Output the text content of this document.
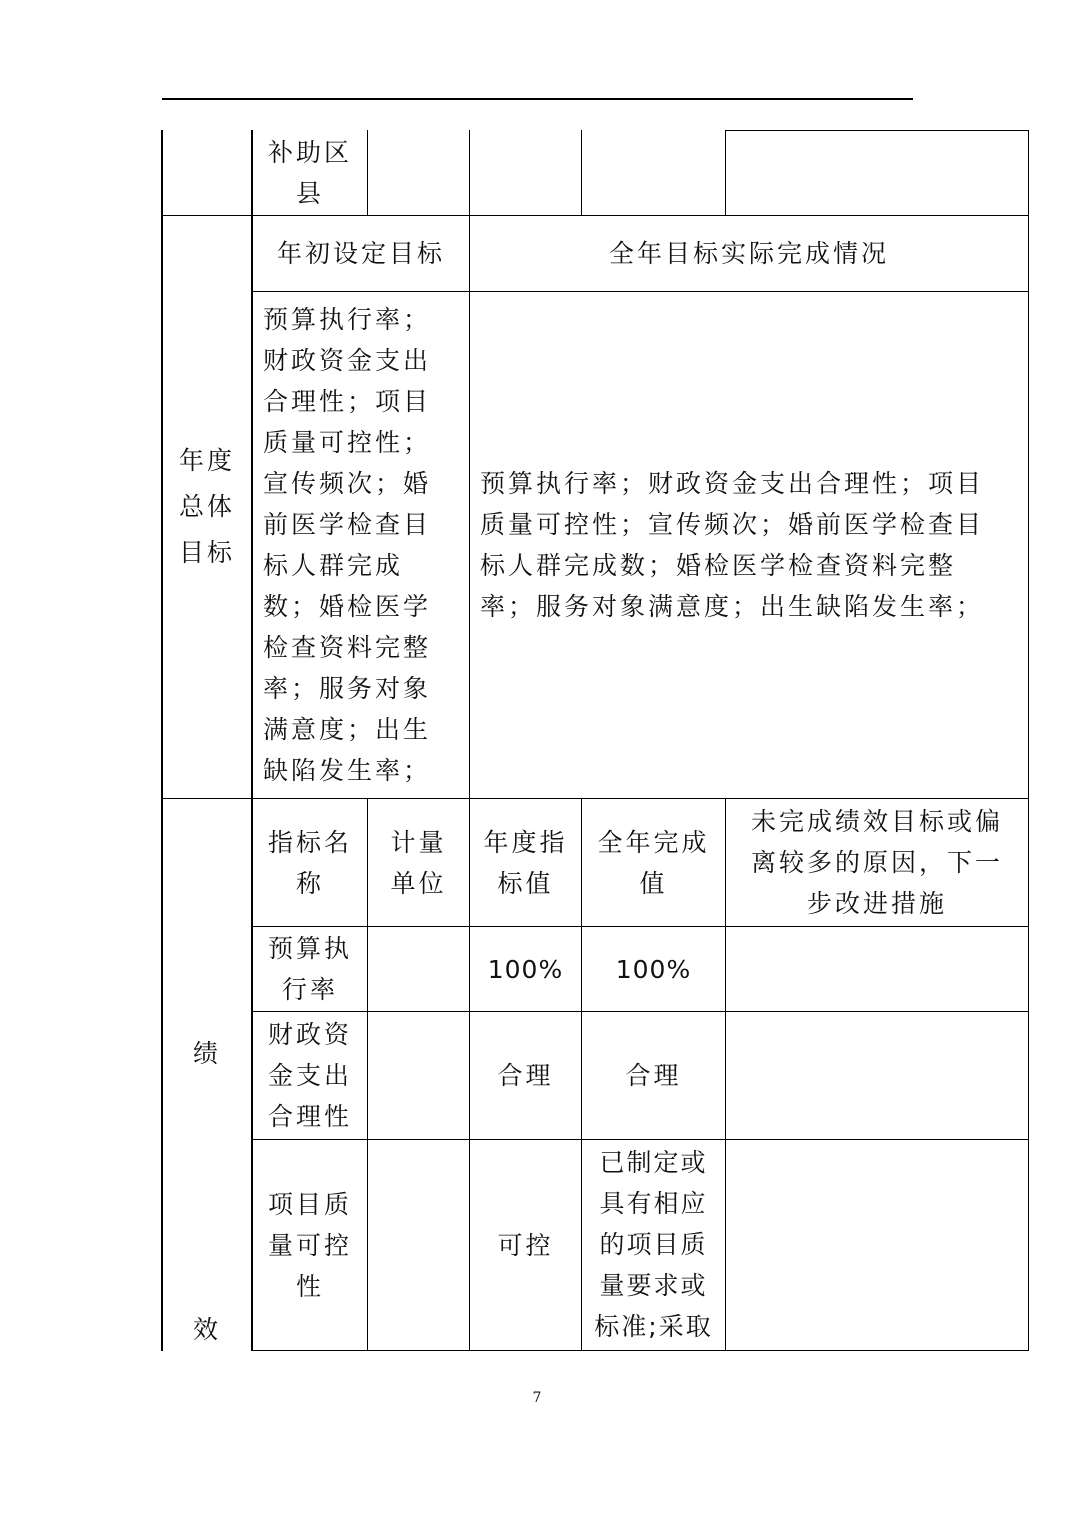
补助区
县
年度
总体
目标
年初设定目标	全年目标实际完成情况
预算执行率；
财政资金支出
合理性；项目
质量可控性；
宣传频次；婚
前医学检查目
标人群完成
数；婚检医学
检查资料完整
率；服务对象
满意度；出生
缺陷发生率；
预算执行率；财政资金支出合理性；项目
质量可控性；宣传频次；婚前医学检查目
标人群完成数；婚检医学检查资料完整
率；服务对象满意度；出生缺陷发生率；
绩
效
指标名
称
计量
单位
年度指
标值
全年完成
值
未完成绩效目标或偏
离较多的原因，下一
步改进措施
预算执
行率
100% 100%
财政资
金支出
合理性
合理	合理
项目质
量可控
性
可控
已制定或
具有相应
的项目质
量要求或
标准;采取
7
